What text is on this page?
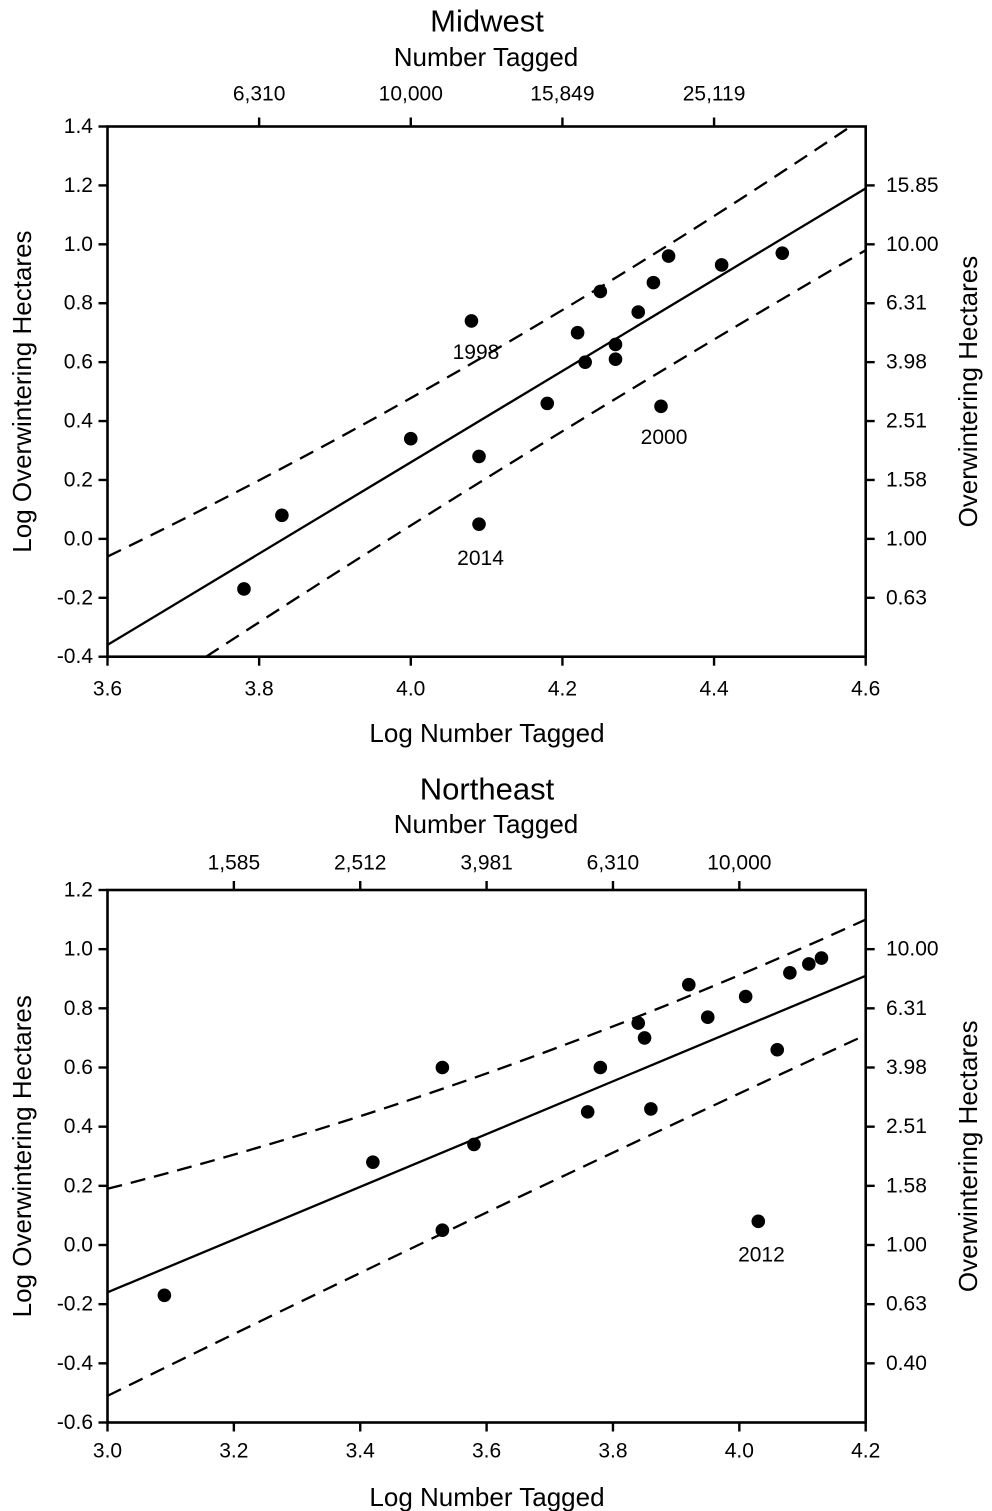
Midwest
Number Tagged
Log Number Tagged
Log Overwintering Hectares	Overwintering Hectares
3.6	3.8	4.0	4.2	4.4	4.6
6,310	10,000	15,849	25,119
1.4
1.2
1.0
0.8
0.6
0.4
0.2
0.0
-0.2
-0.4
15.85
10.00
6.31
3.98
2.51
1.58
1.00
0.63
1998
2000
2014
Northeast
Number Tagged
Log Number Tagged
Log Overwintering Hectares	Overwintering Hectares
3.0	3.2	3.4	3.6	3.8	4.0	4.2
1,585	2,512	3,981	6,310	10,000
1.2
1.0
0.8
0.6
0.4
0.2
0.0
-0.2
-0.4
-0.6
10.00
6.31
3.98
2.51
1.58
1.00
0.63
0.40
2012
